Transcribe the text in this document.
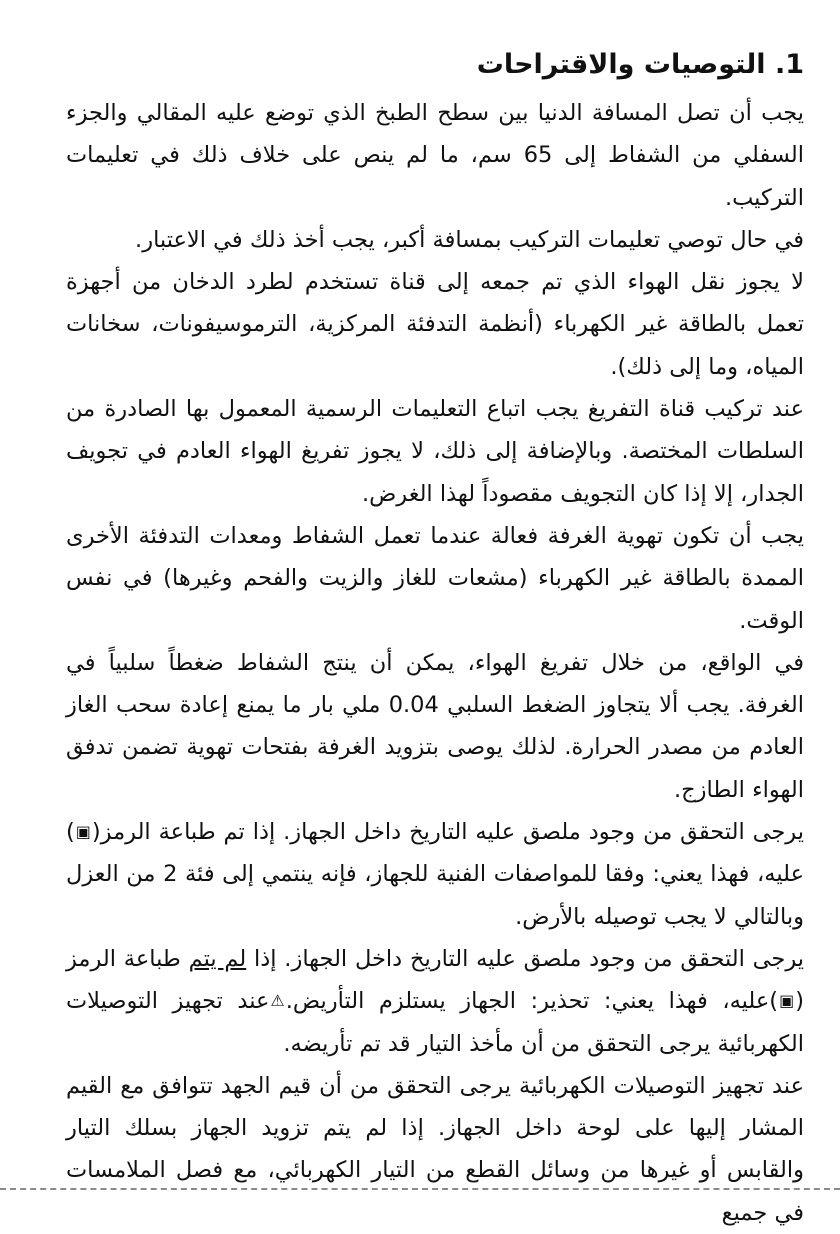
1. التوصيات والاقتراحات

يجب أن تصل المسافة الدنيا بين سطح الطبخ الذي توضع عليه المقالي والجزء السفلي من الشفاط إلى 65 سم، ما لم ينص على خلاف ذلك في تعليمات التركيب.

في حال توصي تعليمات التركيب بمسافة أكبر، يجب أخذ ذلك في الاعتبار.

لا يجوز نقل الهواء الذي تم جمعه إلى قناة تستخدم لطرد الدخان من أجهزة تعمل بالطاقة غير الكهرباء (أنظمة التدفئة المركزية، الترموسيفونات، سخانات المياه، وما إلى ذلك).

عند تركيب قناة التفريغ يجب اتباع التعليمات الرسمية المعمول بها الصادرة من السلطات المختصة. وبالإضافة إلى ذلك، لا يجوز تفريغ الهواء العادم في تجويف الجدار، إلا إذا كان التجويف مقصوداً لهذا الغرض.

يجب أن تكون تهوية الغرفة فعالة عندما تعمل الشفاط ومعدات التدفئة الأخرى الممدة بالطاقة غير الكهرباء (مشعات للغاز والزيت والفحم وغيرها) في نفس الوقت.

في الواقع، من خلال تفريغ الهواء، يمكن أن ينتج الشفاط ضغطاً سلبياً في الغرفة. يجب ألا يتجاوز الضغط السلبي 0.04 ملي بار ما يمنع إعادة سحب الغاز العادم من مصدر الحرارة. لذلك يوصى بتزويد الغرفة بفتحات تهوية تضمن تدفق الهواء الطازج.

يرجى التحقق من وجود ملصق عليه التاريخ داخل الجهاز. إذا تم طباعة الرمز(▣) عليه، فهذا يعني: وفقا للمواصفات الفنية للجهاز، فإنه ينتمي إلى فئة 2 من العزل وبالتالي لا يجب توصيله بالأرض.

يرجى التحقق من وجود ملصق عليه التاريخ داخل الجهاز. إذا لم يتم طباعة الرمز (▣)عليه، فهذا يعني: تحذير: الجهاز يستلزم التأريض.⚠عند تجهيز التوصيلات الكهربائية يرجى التحقق من أن مأخذ التيار قد تم تأريضه.

عند تجهيز التوصيلات الكهربائية يرجى التحقق من أن قيم الجهد تتوافق مع القيم المشار إليها على لوحة داخل الجهاز. إذا لم يتم تزويد الجهاز بسلك التيار والقابس أو غيرها من وسائل القطع من التيار الكهربائي، مع فصل الملامسات في جميع
